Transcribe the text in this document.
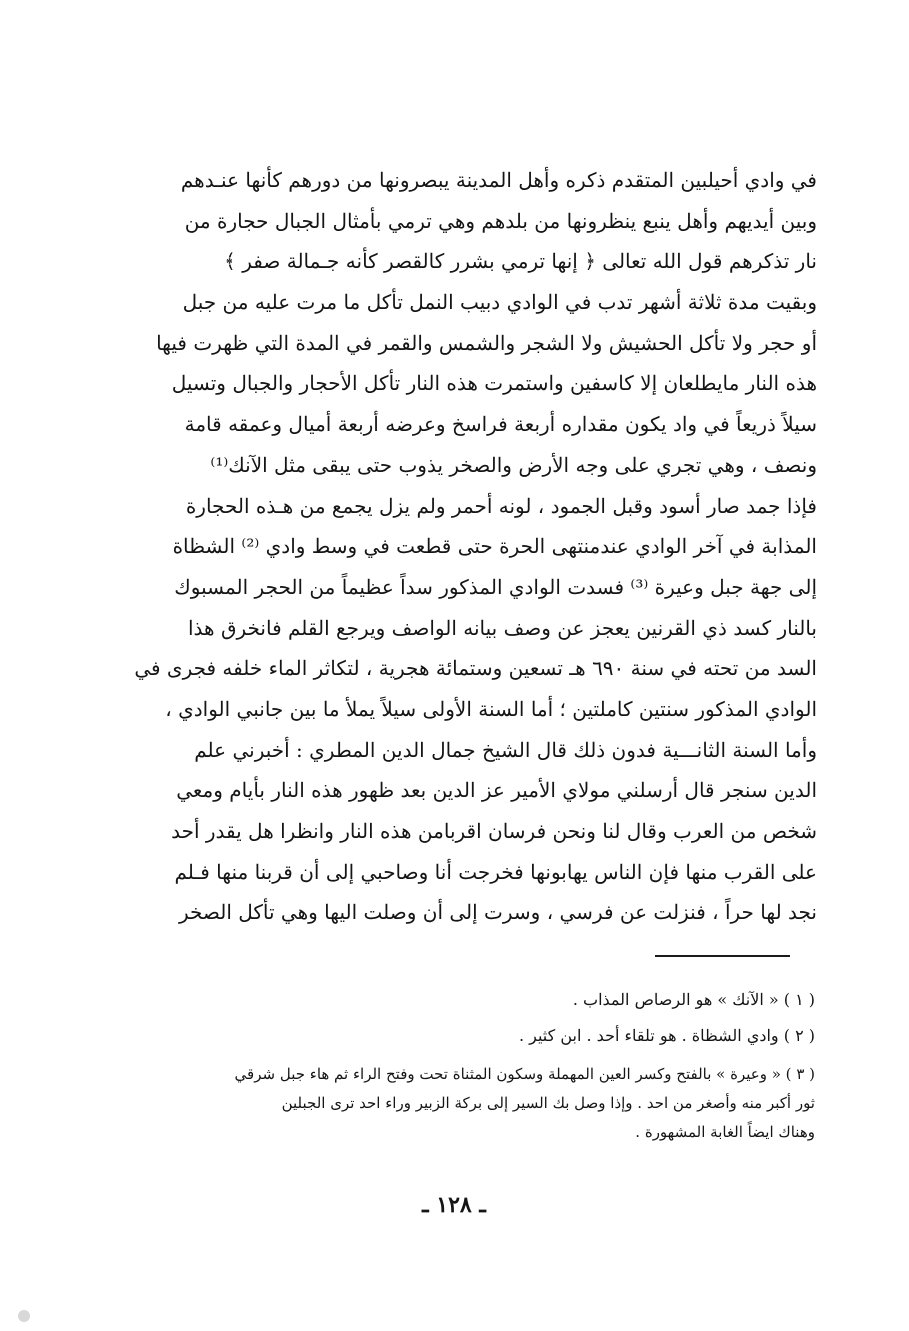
في وادي أحيلبين المتقدم ذكره وأهل المدينة يبصرونها من دورهم كأنها عنـدهم
وبين أيديهم وأهل ينبع ينظرونها من بلدهم وهي ترمي بأمثال الجبال حجارة من
نار تذكرهم قول الله تعالى ﴿ إنها ترمي بشرر كالقصر كأنه جـمالة صفر ﴾
وبقيت مدة ثلاثة أشهر تدب في الوادي دبيب النمل تأكل ما مرت عليه من جبل
أو حجر ولا تأكل الحشيش ولا الشجر والشمس والقمر في المدة التي ظهرت فيها
هذه النار مايطلعان إلا كاسفين واستمرت هذه النار تأكل الأحجار والجبال وتسيل
سيلاً ذريعاً في واد يكون مقداره أربعة فراسخ وعرضه أربعة أميال وعمقه قامة
ونصف ، وهي تجري على وجه الأرض والصخر يذوب حتى يبقى مثل الآنك⁽¹⁾
فإذا جمد صار أسود وقبل الجمود ، لونه أحمر ولم يزل يجمع من هـذه الحجارة
المذابة في آخر الوادي عندمنتهى الحرة حتى قطعت في وسط وادي ⁽²⁾ الشظاة
إلى جهة جبل وعيرة ⁽³⁾ فسدت الوادي المذكور سداً عظيماً من الحجر المسبوك
بالنار كسد ذي القرنين يعجز عن وصف بيانه الواصف ويرجع القلم فانخرق هذا
السد من تحته في سنة ٦٩٠ هـ تسعين وستمائة هجرية ، لتكاثر الماء خلفه فجرى في
الوادي المذكور سنتين كاملتين ؛ أما السنة الأولى سيلاً يملأ ما بين جانبي الوادي ،
وأما السنة الثانـــية فدون ذلك قال الشيخ جمال الدين المطري : أخبرني علم
الدين سنجر قال أرسلني مولاي الأمير عز الدين بعد ظهور هذه النار بأيام ومعي
شخص من العرب وقال لنا ونحن فرسان اقربامن هذه النار وانظرا هل يقدر أحد
على القرب منها فإن الناس يهابونها فخرجت أنا وصاحبي إلى أن قربنا منها فـلم
نجد لها حراً ، فنزلت عن فرسي ، وسرت إلى أن وصلت اليها وهي تأكل الصخر
( ١ ) « الآنك » هو الرصاص المذاب .
( ٢ ) وادي الشظاة . هو تلقاء أحد . ابن كثير .
( ٣ ) « وعيرة » بالفتح وكسر العين المهملة وسكون المثناة تحت وفتح الراء ثم هاء جبل شرقي
ثور أكبر منه وأصغر من احد . وإذا وصل بك السير إلى بركة الزبير وراء احد ترى الجبلين
وهناك ايضاً الغابة المشهورة .
ـ ١٢٨ ـ
